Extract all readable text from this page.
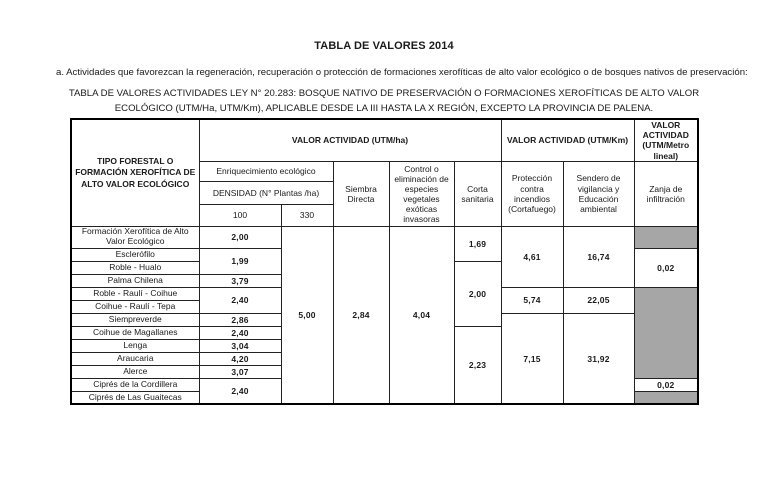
TABLA DE VALORES 2014
a. Actividades que favorezcan la regeneración, recuperación o protección de formaciones xerofíticas de alto valor ecológico o de bosques nativos de preservación:
TABLA DE VALORES ACTIVIDADES LEY N° 20.283: BOSQUE NATIVO DE PRESERVACIÓN O FORMACIONES XEROFÍTICAS DE ALTO VALOR ECOLÓGICO (UTM/Ha, UTM/Km), APLICABLE DESDE LA III HASTA LA X REGIÓN, EXCEPTO LA PROVINCIA DE PALENA.
TIPO FORESTAL O FORMACIÓN XEROFÍTICA DE ALTO VALOR ECOLÓGICO	VALOR ACTIVIDAD (UTM/ha)					VALOR ACTIVIDAD (UTM/Km)		VALOR ACTIVIDAD (UTM/Metro lineal)
	Enriquecimiento ecológico		Siembra Directa	Control o eliminación de especies vegetales exóticas invasoras	Corta sanitaria	Protección contra incendios (Cortafuego)	Sendero de vigilancia y Educación ambiental	Zanja de infiltración
	DENSIDAD (N° Plantas /ha)							
	100	330						
Formación Xerofítica de Alto Valor Ecológico	2,00	5,00	2,84	4,04	1,69	4,61	16,74	
Esclerófilo	1,99							0,02
Roble - Hualo					2,00			
Palma Chilena	3,79							
Roble - Raulí - Coihue	2,40					5,74	22,05	
Coihue - Raulí - Tepa								
Siempreverde	2,86					7,15	31,92	
Coihue de Magallanes	2,40				2,23			
Lenga	3,04							
Araucaria	4,20							
Alerce	3,07							
Ciprés de la Cordillera	2,40							0,02
Ciprés de Las Guaitecas								
